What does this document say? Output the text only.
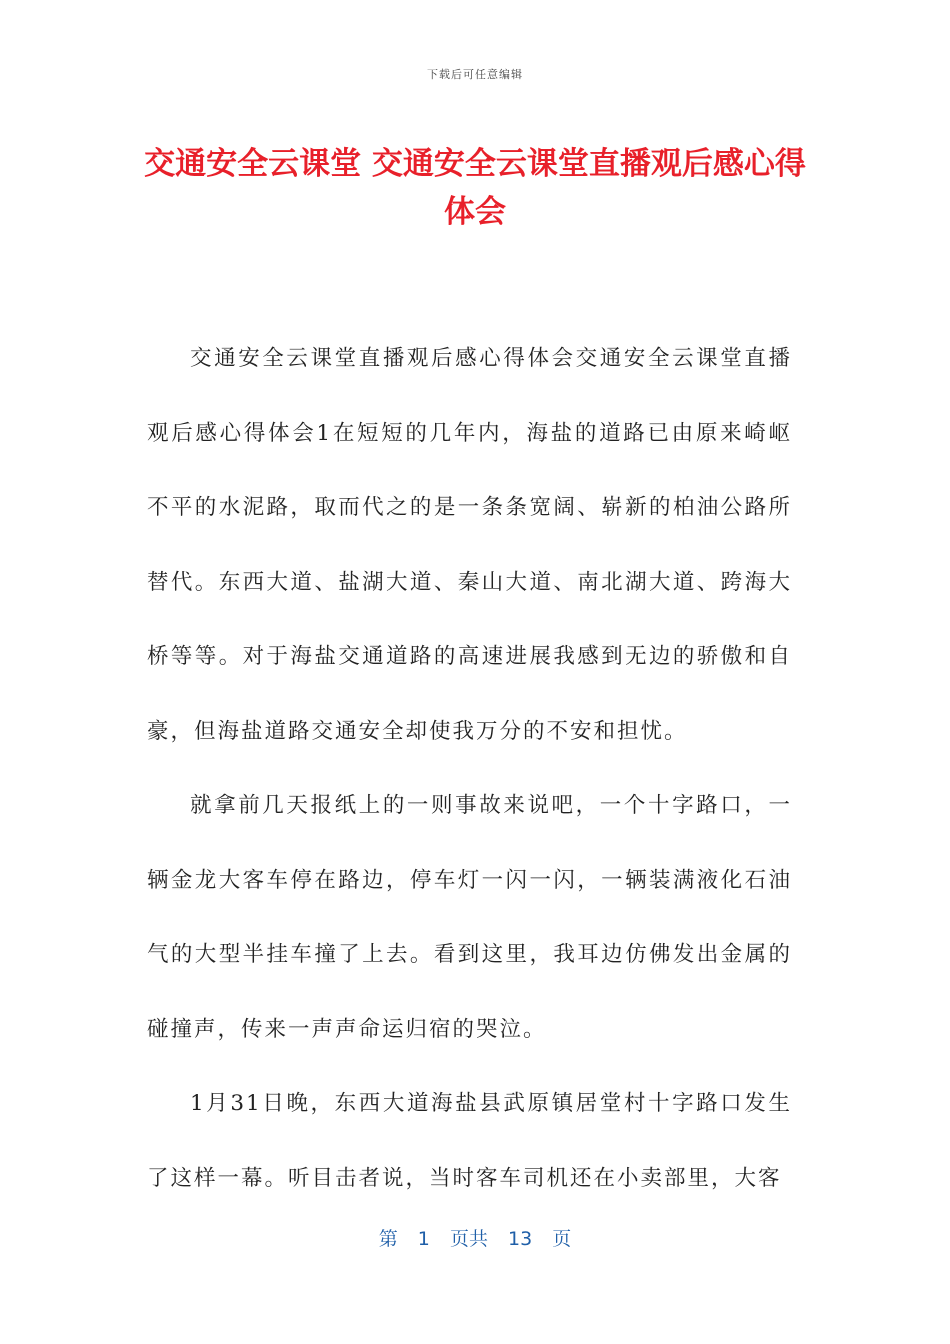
下载后可任意编辑
交通安全云课堂 交通安全云课堂直播观后感心得体会

交通安全云课堂直播观后感心得体会交通安全云课堂直播观后感心得体会1在短短的几年内，海盐的道路已由原来崎岖不平的水泥路，取而代之的是一条条宽阔、崭新的柏油公路所替代。东西大道、盐湖大道、秦山大道、南北湖大道、跨海大桥等等。对于海盐交通道路的高速进展我感到无边的骄傲和自豪，但海盐道路交通安全却使我万分的不安和担忧。

就拿前几天报纸上的一则事故来说吧，一个十字路口，一辆金龙大客车停在路边，停车灯一闪一闪，一辆装满液化石油气的大型半挂车撞了上去。看到这里，我耳边仿佛发出金属的碰撞声，传来一声声命运归宿的哭泣。

1月31日晚，东西大道海盐县武原镇居堂村十字路口发生了这样一幕。听目击者说，当时客车司机还在小卖部里，大客

第 1 页共 13 页
